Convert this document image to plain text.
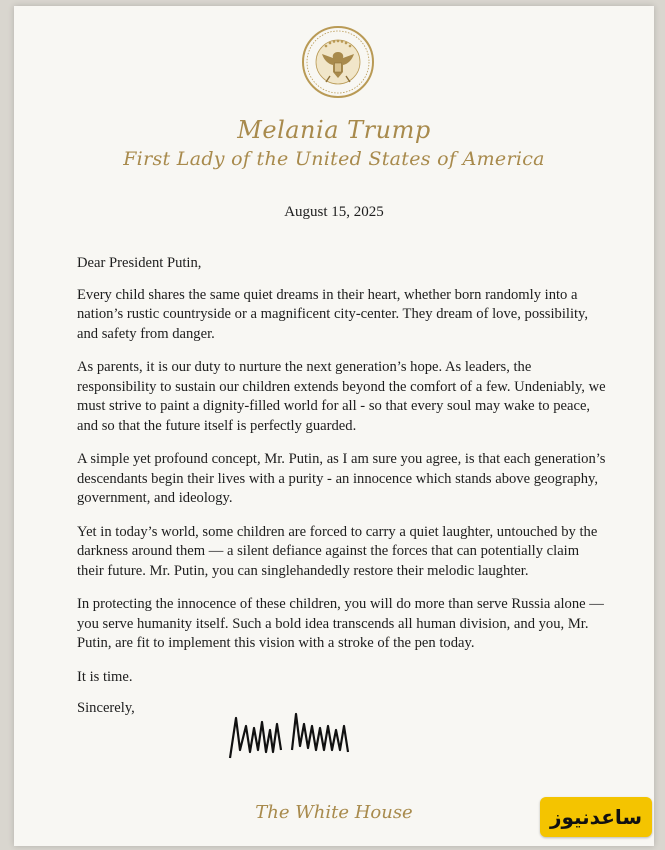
Melania Trump
First Lady of the United States of America
August 15, 2025

Dear President Putin,

Every child shares the same quiet dreams in their heart, whether born randomly into a nation’s rustic countryside or a magnificent city-center. They dream of love, possibility, and safety from danger.

As parents, it is our duty to nurture the next generation’s hope. As leaders, the responsibility to sustain our children extends beyond the comfort of a few. Undeniably, we must strive to paint a dignity-filled world for all - so that every soul may wake to peace, and so that the future itself is perfectly guarded.

A simple yet profound concept, Mr. Putin, as I am sure you agree, is that each generation’s descendants begin their lives with a purity - an innocence which stands above geography, government, and ideology.

Yet in today’s world, some children are forced to carry a quiet laughter, untouched by the darkness around them — a silent defiance against the forces that can potentially claim their future. Mr. Putin, you can singlehandedly restore their melodic laughter.

In protecting the innocence of these children, you will do more than serve Russia alone — you serve humanity itself. Such a bold idea transcends all human division, and you, Mr. Putin, are fit to implement this vision with a stroke of the pen today.

It is time.

Sincerely,

The White House	ساعدنیوز
